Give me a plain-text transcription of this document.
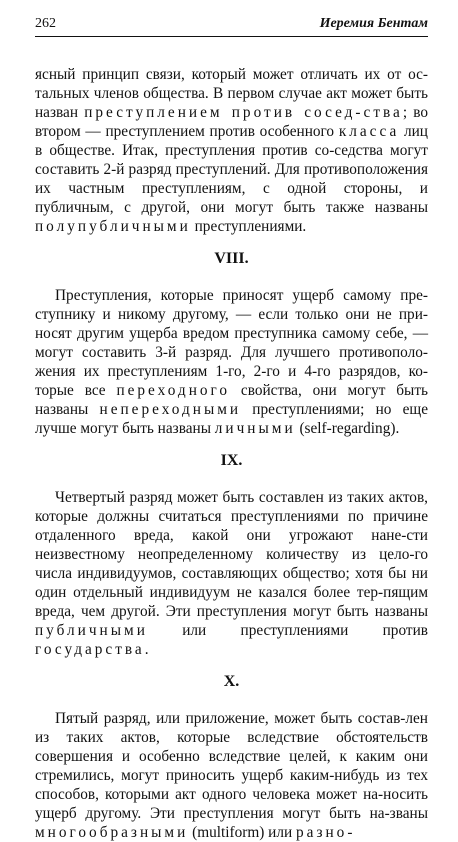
262	Иеремия Бентам

ясный принцип связи, который может отличать их от ос-тальных членов общества. В первом случае акт может быть назван преступлением против сосед-ства; во втором — преступлением против особенного класса лиц в обществе. Итак, преступления против со-седства могут составить 2-й разряд преступлений. Для противоположения их частным преступлениям, с одной стороны, и публичным, с другой, они могут быть также названы полупубличными преступлениями.

VIII.

Преступления, которые приносят ущерб самому пре-ступнику и никому другому, — если только они не при-носят другим ущерба вредом преступника самому себе, — могут составить 3-й разряд. Для лучшего противополо-жения их преступлениям 1-го, 2-го и 4-го разрядов, ко-торые все переходного свойства, они могут быть названы непереходными преступлениями; но еще лучше могут быть названы личными (self-regarding).

IX.

Четвертый разряд может быть составлен из таких актов, которые должны считаться преступлениями по причине отдаленного вреда, какой они угрожают нане-сти неизвестному неопределенному количеству из цело-го числа индивидуумов, составляющих общество; хотя бы ни один отдельный индивидуум не казался более тер-пящим вреда, чем другой. Эти преступления могут быть названы публичными или преступлениями против государства.

X.

Пятый разряд, или приложение, может быть состав-лен из таких актов, которые вследствие обстоятельств совершения и особенно вследствие целей, к каким они стремились, могут приносить ущерб каким-нибудь из тех способов, которыми акт одного человека может на-носить ущерб другому. Эти преступления могут быть на-званы многообразными (multiform) или разно-
